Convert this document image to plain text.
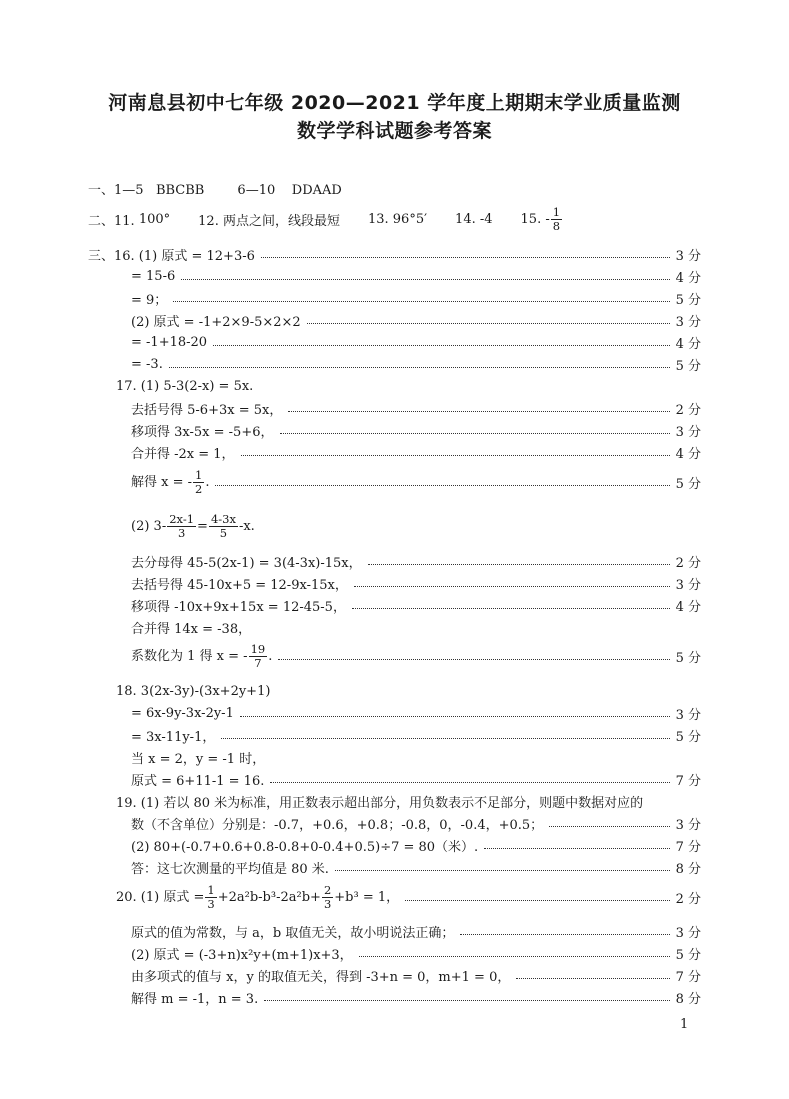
河南息县初中七年级 2020—2021 学年度上期期末学业质量监测
数学学科试题参考答案
一、1—5 BBCBB	6—10 DDAAD
二、11.
100° 12. 两点之间，线段最短 13. 96°5′ 14. -4 15.
- $\frac{1}{8}$
三、16. (1) 原式 = 12+3-6	3 分
= 15-6	4 分
= 9；	5 分
(2) 原式 = -1+2×9-5×2×2	3 分
= -1+18-20	4 分
= -3.	5 分
17. (1) 5-3(2-x) = 5x.
去括号得 5-6+3x = 5x，	2 分
移项得 3x-5x = -5+6，	3 分
合并得 -2x = 1，	4 分
解得 x = - $\frac{1}{2}$ .	5 分
(2) $3- \frac{2x-1}{3} = \frac{4-3x}{5} -x$.
去分母得 45-5(2x-1) = 3(4-3x)-15x，	2 分
去括号得 45-10x+5 = 12-9x-15x，	3 分
移项得 -10x+9x+15x = 12-45-5，	4 分
合并得 14x = -38，
系数化为 1 得 x = - $\frac{19}{7}$ .	5 分
18. 3(2x-3y)-(3x+2y+1)
= 6x-9y-3x-2y-1	3 分
= 3x-11y-1，	5 分
当 x = 2，y = -1 时，
原式 = 6+11-1 = 16.	7 分
19. (1) 若以 80 米为标准，用正数表示超出部分，用负数表示不足部分，则题中数据对应的
数（不含单位）分别是：-0.7，+0.6，+0.8；-0.8，0，-0.4，+0.5；	3 分
(2) 80+(-0.7+0.6+0.8-0.8+0-0.4+0.5)÷7 = 80（米）.	7 分
答：这七次测量的平均值是 80 米.	8 分
20. (1) 原式 = $\frac{1}{3} +2a^2b-b^3-2a^2b+ \frac{2}{3} +b^3 = 1$，	2 分
原式的值为常数，与 a，b 取值无关，故小明说法正确；	3 分
(2) 原式 = (-3+n)x²y+(m+1)x+3，	5 分
由多项式的值与 x，y 的取值无关，得到 -3+n = 0，m+1 = 0，	7 分
解得 m = -1，n = 3.	8 分
1
